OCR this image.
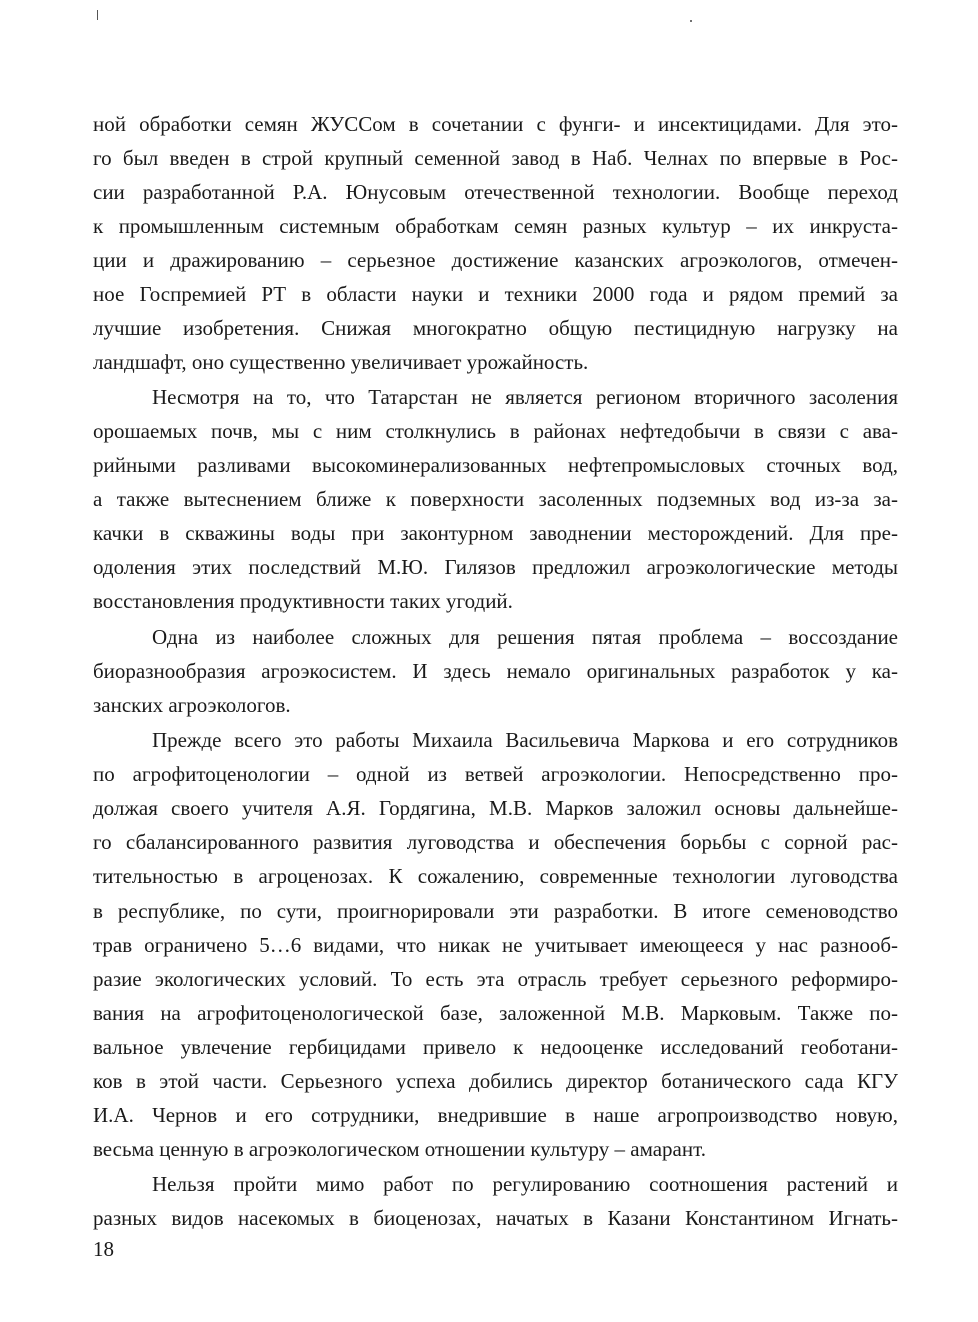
ной обработки семян ЖУССом в сочетании с фунги- и инсектицидами. Для это-
го был введен в строй крупный семенной завод в Наб. Челнах по впервые в Рос-
сии разработанной Р.А. Юнусовым отечественной технологии. Вообще переход
к промышленным системным обработкам семян разных культур – их инкруста-
ции и дражированию – серьезное достижение казанских агроэкологов, отмечен-
ное Госпремией РТ в области науки и техники 2000 года и рядом премий за
лучшие изобретения. Снижая многократно общую пестицидную нагрузку на
ландшафт, оно существенно увеличивает урожайность.
Несмотря на то, что Татарстан не является регионом вторичного засоления
орошаемых почв, мы с ним столкнулись в районах нефтедобычи в связи с ава-
рийными разливами высокоминерализованных нефтепромысловых сточных вод,
а также вытеснением ближе к поверхности засоленных подземных вод из-за за-
качки в скважины воды при законтурном заводнении месторождений. Для пре-
одоления этих последствий М.Ю. Гилязов предложил агроэкологические методы
восстановления продуктивности таких угодий.
Одна из наиболее сложных для решения пятая проблема – воссоздание
биоразнообразия агроэкосистем. И здесь немало оригинальных разработок у ка-
занских агроэкологов.
Прежде всего это работы Михаила Васильевича Маркова и его сотрудников
по агрофитоценологии – одной из ветвей агроэкологии. Непосредственно про-
должая своего учителя А.Я. Гордягина, М.В. Марков заложил основы дальнейше-
го сбалансированного развития луговодства и обеспечения борьбы с сорной рас-
тительностью в агроценозах. К сожалению, современные технологии луговодства
в республике, по сути, проигнорировали эти разработки. В итоге семеноводство
трав ограничено 5…6 видами, что никак не учитывает имеющееся у нас разнооб-
разие экологических условий. То есть эта отрасль требует серьезного реформиро-
вания на агрофитоценологической базе, заложенной М.В. Марковым. Также по-
вальное увлечение гербицидами привело к недооценке исследований геоботани-
ков в этой части. Серьезного успеха добились директор ботанического сада КГУ
И.А. Чернов и его сотрудники, внедрившие в наше агропроизводство новую,
весьма ценную в агроэкологическом отношении культуру – амарант.
Нельзя пройти мимо работ по регулированию соотношения растений и
разных видов насекомых в биоценозах, начатых в Казани Константином Игнать-
18
